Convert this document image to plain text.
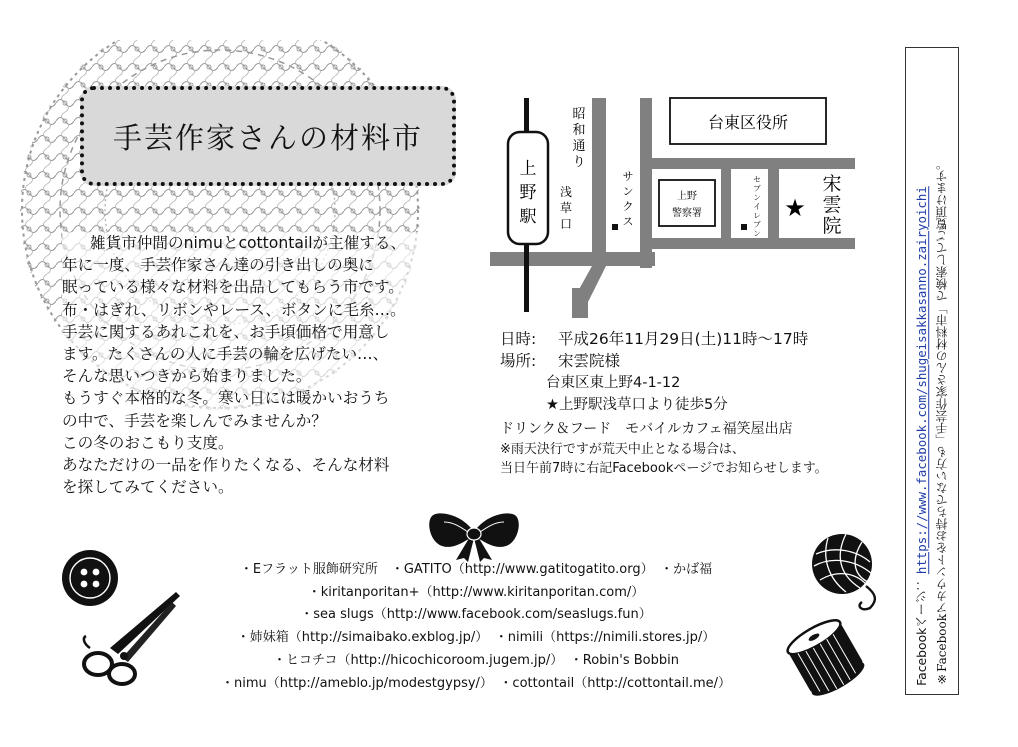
手芸作家さんの材料市
雑貨市仲間のnimuとcottontailが主催する、
年に一度、手芸作家さん達の引き出しの奥に
眠っている様々な材料を出品してもらう市です。
布・はぎれ、リボンやレース、ボタンに毛糸…。
手芸に関するあれこれを、お手頃価格で用意し
ます。たくさんの人に手芸の輪を広げたい…、
そんな思いつきから始まりました。
もうすぐ本格的な冬。寒い日には暖かいおうち
の中で、手芸を楽しんでみませんか？
この冬のおこもり支度。
あなただけの一品を作りたくなる、そんな材料
を探してみてください。
上
野
駅
昭
和
通
り
浅
草
口
サ
ン
ク
ス
台東区役所
上野
警察署
セ
ブ
ン
イ
レ
ブ
ン
★
宋
雲
院
日時: 平成26年11月29日(土)11時～17時
場所: 宋雲院様
台東区東上野4-1-12
★上野駅浅草口より徒歩5分
ドリンク＆フード　モバイルカフェ福笑屋出店
※雨天決行ですが荒天中止となる場合は、
当日午前7時に右記Facebookページでお知らせします。
・Eフラット服飾研究所　・GATITO（http://www.gatitogatito.org）　・かば福
・kiritanporitan+（http://www.kiritanporitan.com/）
・sea slugs（http://www.facebook.com/seaslugs.fun）
・姉妹箱（http://simaibako.exblog.jp/）　・nimili（https://nimili.stores.jp/）
・ヒコチコ（http://hicochicoroom.jugem.jp/）　・Robin's Bobbin
・nimu（http://ameblo.jp/modestgypsy/）　・cottontail（http://cottontail.me/）	Facebookページ： https://www.facebook.com/shugeisakkasanno.zairyoichi ※Facebookアカウントをお持ちでない方も「手芸作家さんの材料市」で検索してご覧頂けます。
